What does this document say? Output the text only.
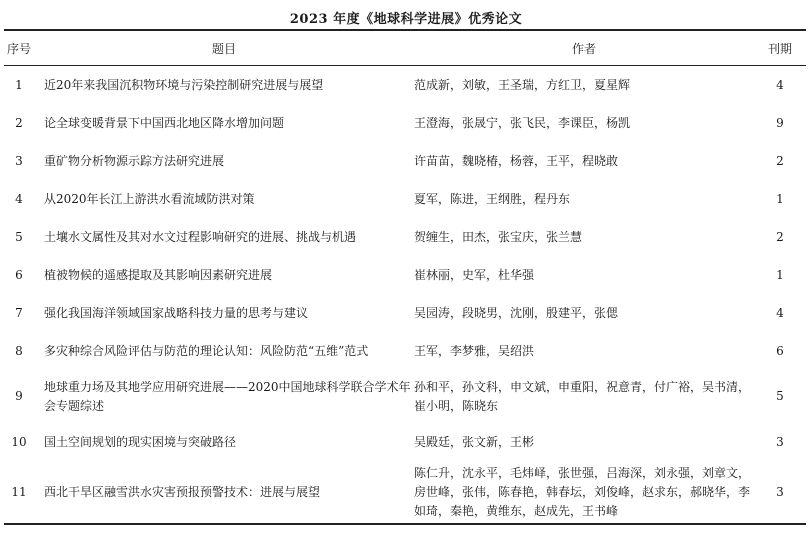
2023 年度《地球科学进展》优秀论文
序号	题目	作者	刊期
1	近20年来我国沉积物环境与污染控制研究进展与展望	范成新，刘敏，王圣瑞，方红卫，夏星辉	4
2	论全球变暖背景下中国西北地区降水增加问题	王澄海，张晟宁，张飞民，李课臣，杨凯	9
3	重矿物分析物源示踪方法研究进展	许苗苗，魏晓椿，杨蓉，王平，程晓敢	2
4	从2020年长江上游洪水看流域防洪对策	夏军，陈进，王纲胜，程丹东	1
5	土壤水文属性及其对水文过程影响研究的进展、挑战与机遇	贺缠生，田杰，张宝庆，张兰慧	2
6	植被物候的遥感提取及其影响因素研究进展	崔林丽，史军，杜华强	1
7	强化我国海洋领域国家战略科技力量的思考与建议	吴园涛，段晓男，沈刚，殷建平，张偲	4
8	多灾种综合风险评估与防范的理论认知：风险防范“五维”范式	王军，李梦雅，吴绍洪	6
9	地球重力场及其地学应用研究进展——2020中国地球科学联合学术年会专题综述	孙和平，孙文科，申文斌，申重阳，祝意青，付广裕，吴书清，崔小明，陈晓东	5
10	国土空间规划的现实困境与突破路径	吴殿廷，张文新，王彬	3
11	西北干旱区融雪洪水灾害预报预警技术：进展与展望	陈仁升，沈永平，毛炜峄，张世强，吕海深，刘永强，刘章文，房世峰，张伟，陈春艳，韩春坛，刘俊峰，赵求东，郝晓华，李如琦，秦艳，黄维东，赵成先，王书峰	3
